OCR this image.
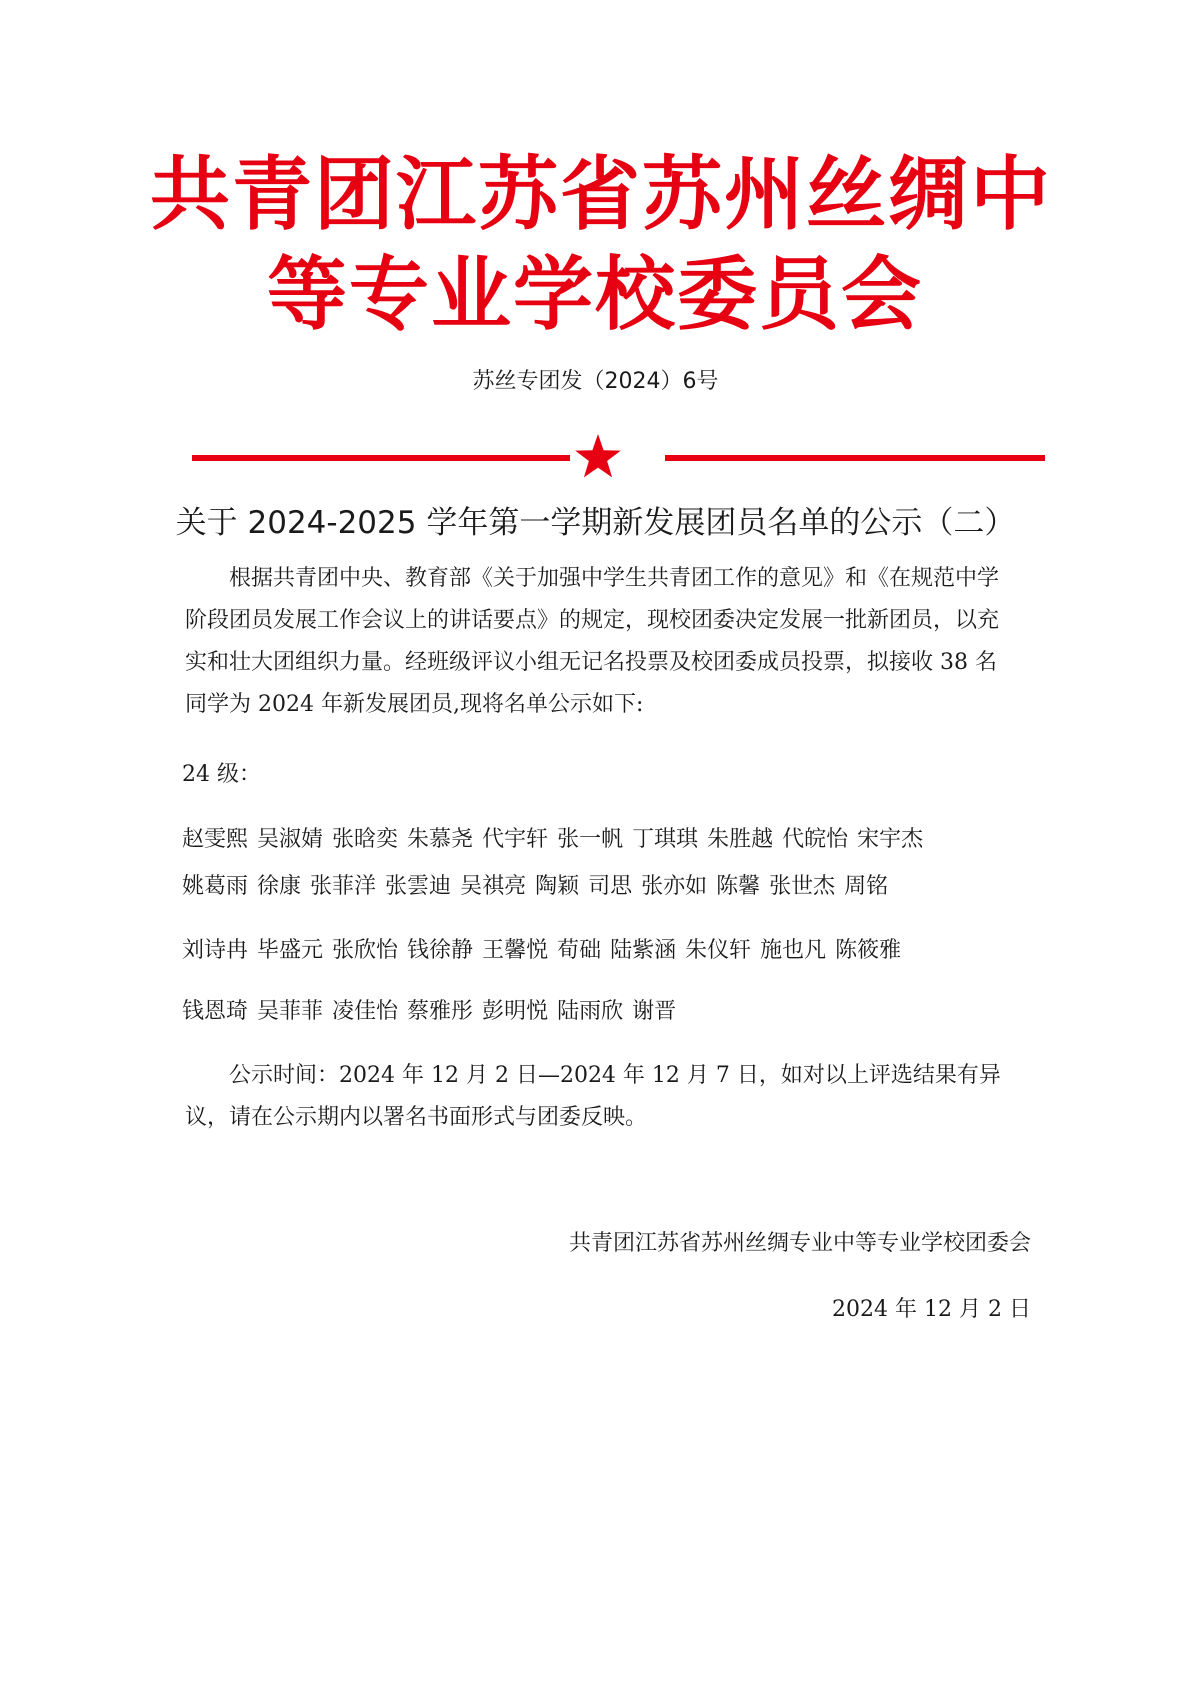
共青团江苏省苏州丝绸中
等专业学校委员会
苏丝专团发（2024）6号
关于 2024-2025 学年第一学期新发展团员名单的公示（二）

根据共青团中央、教育部《关于加强中学生共青团工作的意见》和《在规范中学阶段团员发展工作会议上的讲话要点》的规定，现校团委决定发展一批新团员，以充实和壮大团组织力量。经班级评议小组无记名投票及校团委成员投票，拟接收 38 名同学为 2024 年新发展团员,现将名单公示如下:

24 级：
赵雯熙 吴淑婧 张晗奕 朱慕尧 代宇轩 张一帆 丁琪琪 朱胜越 代皖怡 宋宇杰
姚葛雨 徐康 张菲洋 张雲迪 吴祺亮 陶颖 司思 张亦如 陈馨 张世杰 周铭
刘诗冉 毕盛元 张欣怡 钱徐静 王馨悦 荀础 陆紫涵 朱仪轩 施也凡 陈筱雅
钱恩琦 吴菲菲 凌佳怡 蔡雅彤 彭明悦 陆雨欣 谢晋

公示时间：2024 年 12 月 2 日—2024 年 12 月 7 日，如对以上评选结果有异议，请在公示期内以署名书面形式与团委反映。

共青团江苏省苏州丝绸专业中等专业学校团委会
2024 年 12 月 2 日
